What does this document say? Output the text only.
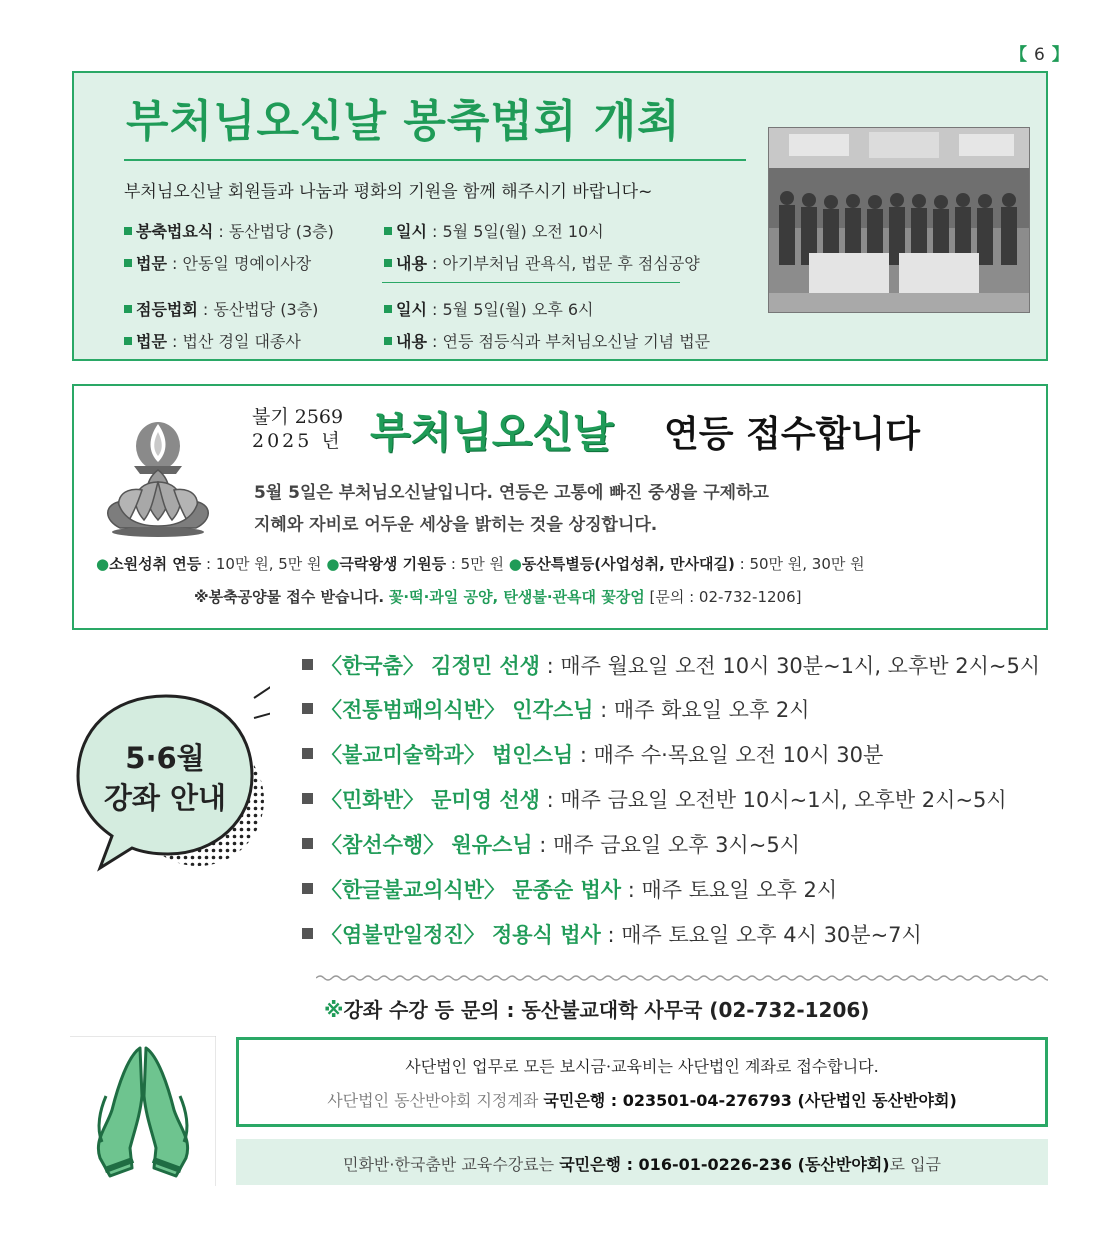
【 6 】
부처님오신날 봉축법회 개최
부처님오신날 회원들과 나눔과 평화의 기원을 함께 해주시기 바랍니다~
봉축법요식 : 동산법당 (3층)	일시 : 5월 5일(월) 오전 10시
법문 : 안동일 명예이사장	내용 : 아기부처님 관욕식, 법문 후 점심공양
점등법회 : 동산법당 (3층)	일시 : 5월 5일(월) 오후 6시
법문 : 법산 경일 대종사	내용 : 연등 점등식과 부처님오신날 기념 법문
불기 2569
2025 년 부처님오신날 연등 접수합니다
5월 5일은 부처님오신날입니다. 연등은 고통에 빠진 중생을 구제하고
지혜와 자비로 어두운 세상을 밝히는 것을 상징합니다.
●소원성취 연등 : 10만 원, 5만 원 ●극락왕생 기원등 : 5만 원 ●동산특별등(사업성취, 만사대길) : 50만 원, 30만 원
※봉축공양물 접수 받습니다. 꽃·떡·과일 공양, 탄생불·관욕대 꽃장엄 [문의 : 02-732-1206]
5·6월
강좌 안내
〈한국춤〉 김정민 선생 : 매주 월요일 오전 10시 30분~1시, 오후반 2시~5시
〈전통범패의식반〉 인각스님 : 매주 화요일 오후 2시
〈불교미술학과〉 법인스님 : 매주 수·목요일 오전 10시 30분
〈민화반〉 문미영 선생 : 매주 금요일 오전반 10시~1시, 오후반 2시~5시
〈참선수행〉 원유스님 : 매주 금요일 오후 3시~5시
〈한글불교의식반〉 문종순 법사 : 매주 토요일 오후 2시
〈염불만일정진〉 정용식 법사 : 매주 토요일 오후 4시 30분~7시
※강좌 수강 등 문의 : 동산불교대학 사무국 (02-732-1206)
사단법인 업무로 모든 보시금·교육비는 사단법인 계좌로 접수합니다.
사단법인 동산반야회 지정계좌 국민은행 : 023501-04-276793 (사단법인 동산반야회)
민화반·한국춤반 교육수강료는 국민은행 : 016-01-0226-236 (동산반야회)로 입금
